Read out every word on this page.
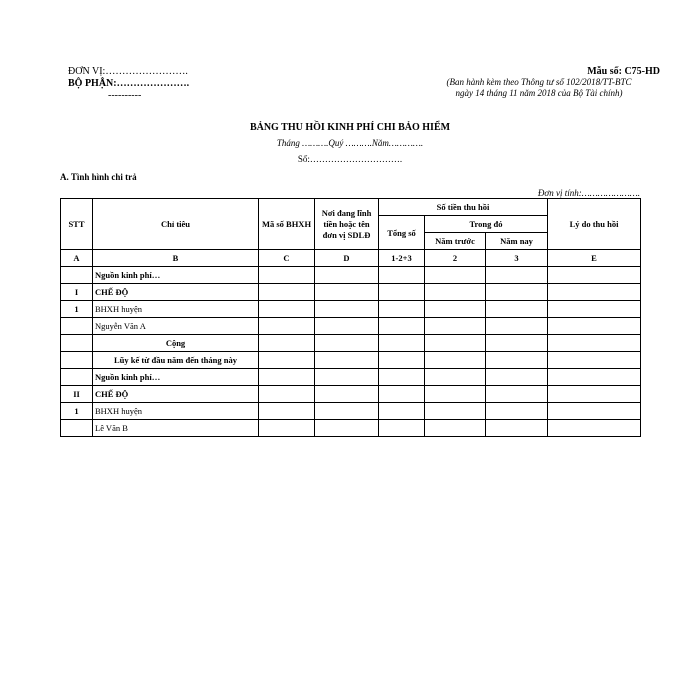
ĐƠN VỊ:…………………….
BỘ PHẬN:………………….
----------
Mẫu số: C75-HD
(Ban hành kèm theo Thông tư số 102/2018/TT-BTC
ngày 14 tháng 11 năm 2018 của Bộ Tài chính)
BẢNG THU HỒI KINH PHÍ CHI BẢO HIỂM
Tháng ……….Quý ……….Năm………….
Số:………………………….
A. Tình hình chi trả
Đơn vị tính:………………….
STT	Chỉ tiêu	Mã số BHXH	Nơi đang lĩnh tiền hoặc tên đơn vị SDLĐ	Số tiền thu hồi			Lý do thu hồi
				Tổng số	Trong đó		
					Năm trước	Năm nay	
A	B	C	D	1-2+3	2	3	E
	Nguồn kinh phí…						
I	CHẾ ĐỘ						
1	BHXH huyện						
	Nguyễn Văn A						
	Cộng						
	Lũy kế từ đầu năm đến tháng này						
	Nguồn kinh phí…						
II	CHẾ ĐỘ						
1	BHXH huyện						
	Lê Văn B						
